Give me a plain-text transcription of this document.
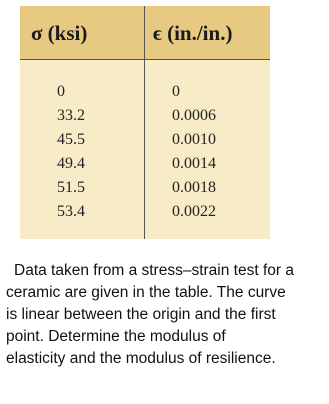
σ (ksi)	ϵ (in./in.)
0
33.2
45.5
49.4
51.5
53.4
0
0.0006
0.0010
0.0014
0.0018
0.0022
Data taken from a stress–strain test for a
ceramic are given in the table. The curve
is linear between the origin and the first
point. Determine the modulus of
elasticity and the modulus of resilience.
